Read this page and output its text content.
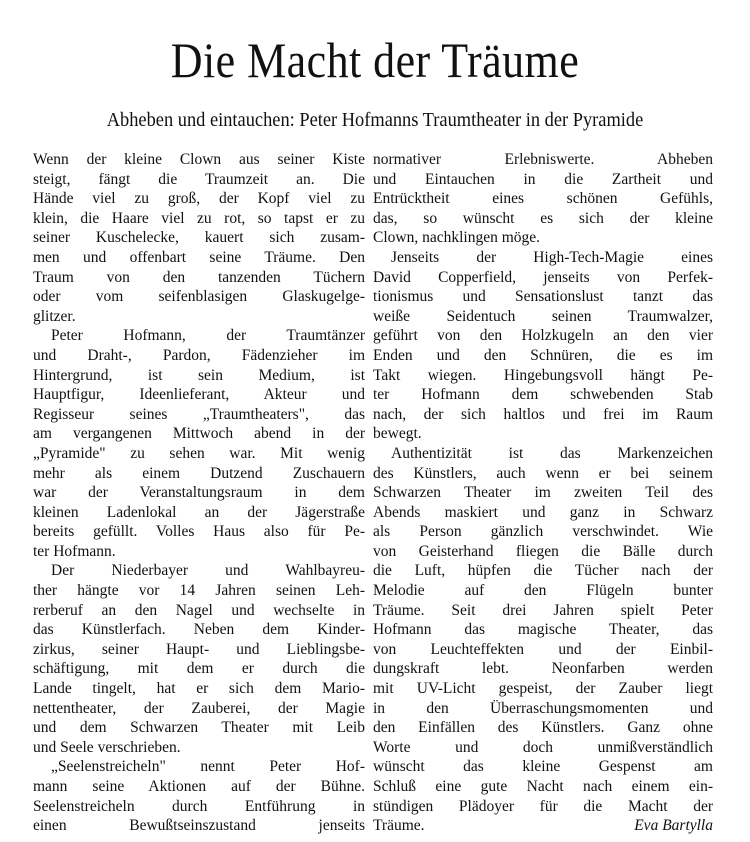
Die Macht der Träume
Abheben und eintauchen: Peter Hofmanns Traumtheater in der Pyramide
Wenn der kleine Clown aus seiner Kiste
steigt, fängt die Traumzeit an. Die
Hände viel zu groß, der Kopf viel zu
klein, die Haare viel zu rot, so tapst er zu
seiner Kuschelecke, kauert sich zusam-
men und offenbart seine Träume. Den
Traum von den tanzenden Tüchern
oder vom seifenblasigen Glaskugelge-
glitzer.
Peter Hofmann, der Traumtänzer
und Draht-, Pardon, Fädenzieher im
Hintergrund, ist sein Medium, ist
Hauptfigur, Ideenlieferant, Akteur und
Regisseur seines „Traumtheaters", das
am vergangenen Mittwoch abend in der
„Pyramide" zu sehen war. Mit wenig
mehr als einem Dutzend Zuschauern
war der Veranstaltungsraum in dem
kleinen Ladenlokal an der Jägerstraße
bereits gefüllt. Volles Haus also für Pe-
ter Hofmann.
Der Niederbayer und Wahlbayreu-
ther hängte vor 14 Jahren seinen Leh-
rerberuf an den Nagel und wechselte in
das Künstlerfach. Neben dem Kinder-
zirkus, seiner Haupt- und Lieblingsbe-
schäftigung, mit dem er durch die
Lande tingelt, hat er sich dem Mario-
nettentheater, der Zauberei, der Magie
und dem Schwarzen Theater mit Leib
und Seele verschrieben.
„Seelenstreicheln" nennt Peter Hof-
mann seine Aktionen auf der Bühne.
Seelenstreicheln durch Entführung in
einen Bewußtseinszustand jenseits
normativer Erlebniswerte. Abheben
und Eintauchen in die Zartheit und
Entrücktheit eines schönen Gefühls,
das, so wünscht es sich der kleine
Clown, nachklingen möge.
Jenseits der High-Tech-Magie eines
David Copperfield, jenseits von Perfek-
tionismus und Sensationslust tanzt das
weiße Seidentuch seinen Traumwalzer,
geführt von den Holzkugeln an den vier
Enden und den Schnüren, die es im
Takt wiegen. Hingebungsvoll hängt Pe-
ter Hofmann dem schwebenden Stab
nach, der sich haltlos und frei im Raum
bewegt.
Authentizität ist das Markenzeichen
des Künstlers, auch wenn er bei seinem
Schwarzen Theater im zweiten Teil des
Abends maskiert und ganz in Schwarz
als Person gänzlich verschwindet. Wie
von Geisterhand fliegen die Bälle durch
die Luft, hüpfen die Tücher nach der
Melodie auf den Flügeln bunter
Träume. Seit drei Jahren spielt Peter
Hofmann das magische Theater, das
von Leuchteffekten und der Einbil-
dungskraft lebt. Neonfarben werden
mit UV-Licht gespeist, der Zauber liegt
in den Überraschungsmomenten und
den Einfällen des Künstlers. Ganz ohne
Worte und doch unmißverständlich
wünscht das kleine Gespenst am
Schluß eine gute Nacht nach einem ein-
stündigen Plädoyer für die Macht der
Träume.	Eva Bartylla
